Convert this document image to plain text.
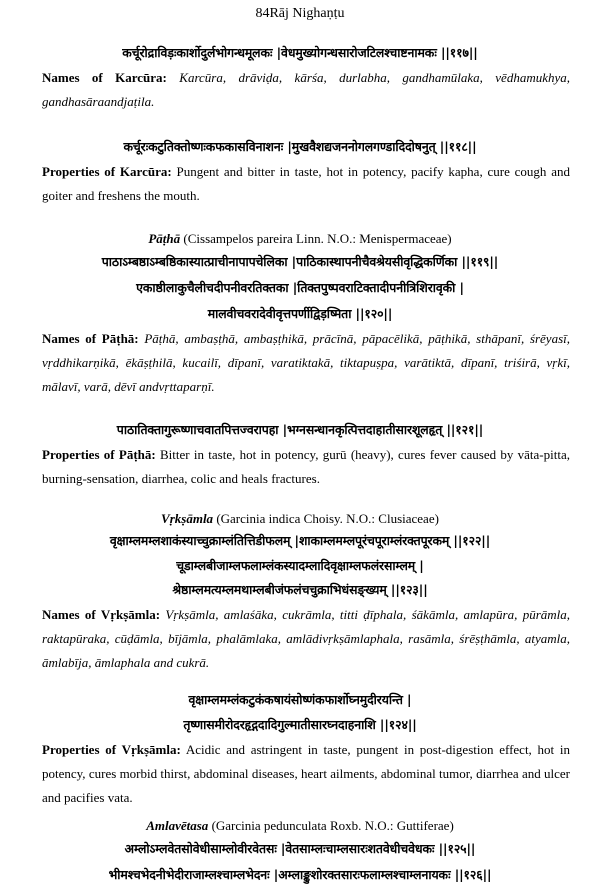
84Rāj Nighaṇṭu
कर्चूरोद्राविड़ःकार्शोदुर्लभोगन्धमूलकः |वेधमुख्योगन्धसारोजटिलश्चाष्टनामकः ||११७||
Names of Karcūra: Karcūra, drāviḍa, kārśa, durlabha, gandhamūlaka, vēdhamukhya, gandhasāraandjaṭila.
कर्चूरःकटुतिक्तोष्णःकफकासविनाशनः |मुखवैशद्यजननोगलगण्डादिदोषनुत् ||११८||
Properties of Karcūra: Pungent and bitter in taste, hot in potency, pacify kapha, cure cough and goiter and freshens the mouth.
Pāṭhā (Cissampelos pareira Linn. N.O.: Menispermaceae)
पाठाऽम्बष्ठाऽम्बष्ठिकास्यात्प्राचीनापापचेलिका |पाठिकास्थापनीचैवश्रेयसीवृद्धिकर्णिका ||११९||
एकाष्ठीलाकुचैलीचदीपनीवरतिक्तका |तिक्तपुष्पवराटिक्तादीपनीत्रिशिरावृकी |
मालवीचवरादेवीवृत्तपर्णीद्विड़ष्मिता ||१२०||
Names of Pāṭhā: Pāṭhā, ambaṣṭhā, ambaṣṭhikā, prācīnā, pāpacēlikā, pāṭhikā, sthāpanī, śrēyasī, vṛddhikarṇikā, ēkāṣṭhilā, kucailī, dīpanī, varatiktakā, tiktapuṣpa, varātiktā, dīpanī, triśirā, vṛkī, mālavī, varā, dēvī andvṛttaparṇī.
पाठातिक्तागुरूष्णाचवातपित्तज्वरापहा |भग्नसन्धानकृत्पित्तदाहातीसारशूलहृत् ||१२१||
Properties of Pāṭhā: Bitter in taste, hot in potency, gurū (heavy), cures fever caused by vāta-pitta, burning-sensation, diarrhea, colic and heals fractures.
Vṛkṣāmla (Garcinia indica Choisy. N.O.: Clusiaceae)
वृक्षाम्लमम्लशाकंस्याच्चुक्राम्लंतित्तिडीफलम् |शाकाम्लमम्लपूरंचपूराम्लंरक्तपूरकम् ||१२२||
चूडाम्लबीजाम्लफलाम्लंकस्यादम्लादिवृक्षाम्लफलंरसाम्लम् |
श्रेष्ठाम्लमत्यम्लमथाम्लबीजंफलंचचुक्राभिधंसङ्ख्यम् ||१२३||
Names of Vṛkṣāmla: Vṛkṣāmla, amlaśāka, cukrāmla, titti ḍīphala, śākāmla, amlapūra, pūrāmla, raktapūraka, cūḍāmla, bījāmla, phalāmlaka, amlādivṛkṣāmlaphala, rasāmla, śrēṣṭhāmla, atyamla, āmlabīja, āmlaphala and cukrā.
वृक्षाम्लमम्लंकटुकंकषायंसोष्णंकफार्शोघ्नमुदीरयन्ति |
तृष्णासमीरोदरहृद्गदादिगुल्मातीसारघ्नदाहनाशि ||१२४||
Properties of Vṛkṣāmla: Acidic and astringent in taste, pungent in post-digestion effect, hot in potency, cures morbid thirst, abdominal diseases, heart ailments, abdominal tumor, diarrhea and ulcer and pacifies vata.
Amlavētasa (Garcinia pedunculata Roxb. N.O.: Guttiferae)
अम्लोऽम्लवेतसोवेधीसाम्लोवीरवेतसः |वेतसाम्लःचाम्लसारःशतवेधीचवेधकः ||१२५||
भीमश्चभेदनीभेदीराजाम्लश्चाम्लभेदनः |अम्लाङ्कुशोरक्तसारःफलाम्लश्चाम्लनायकः ||१२६||
